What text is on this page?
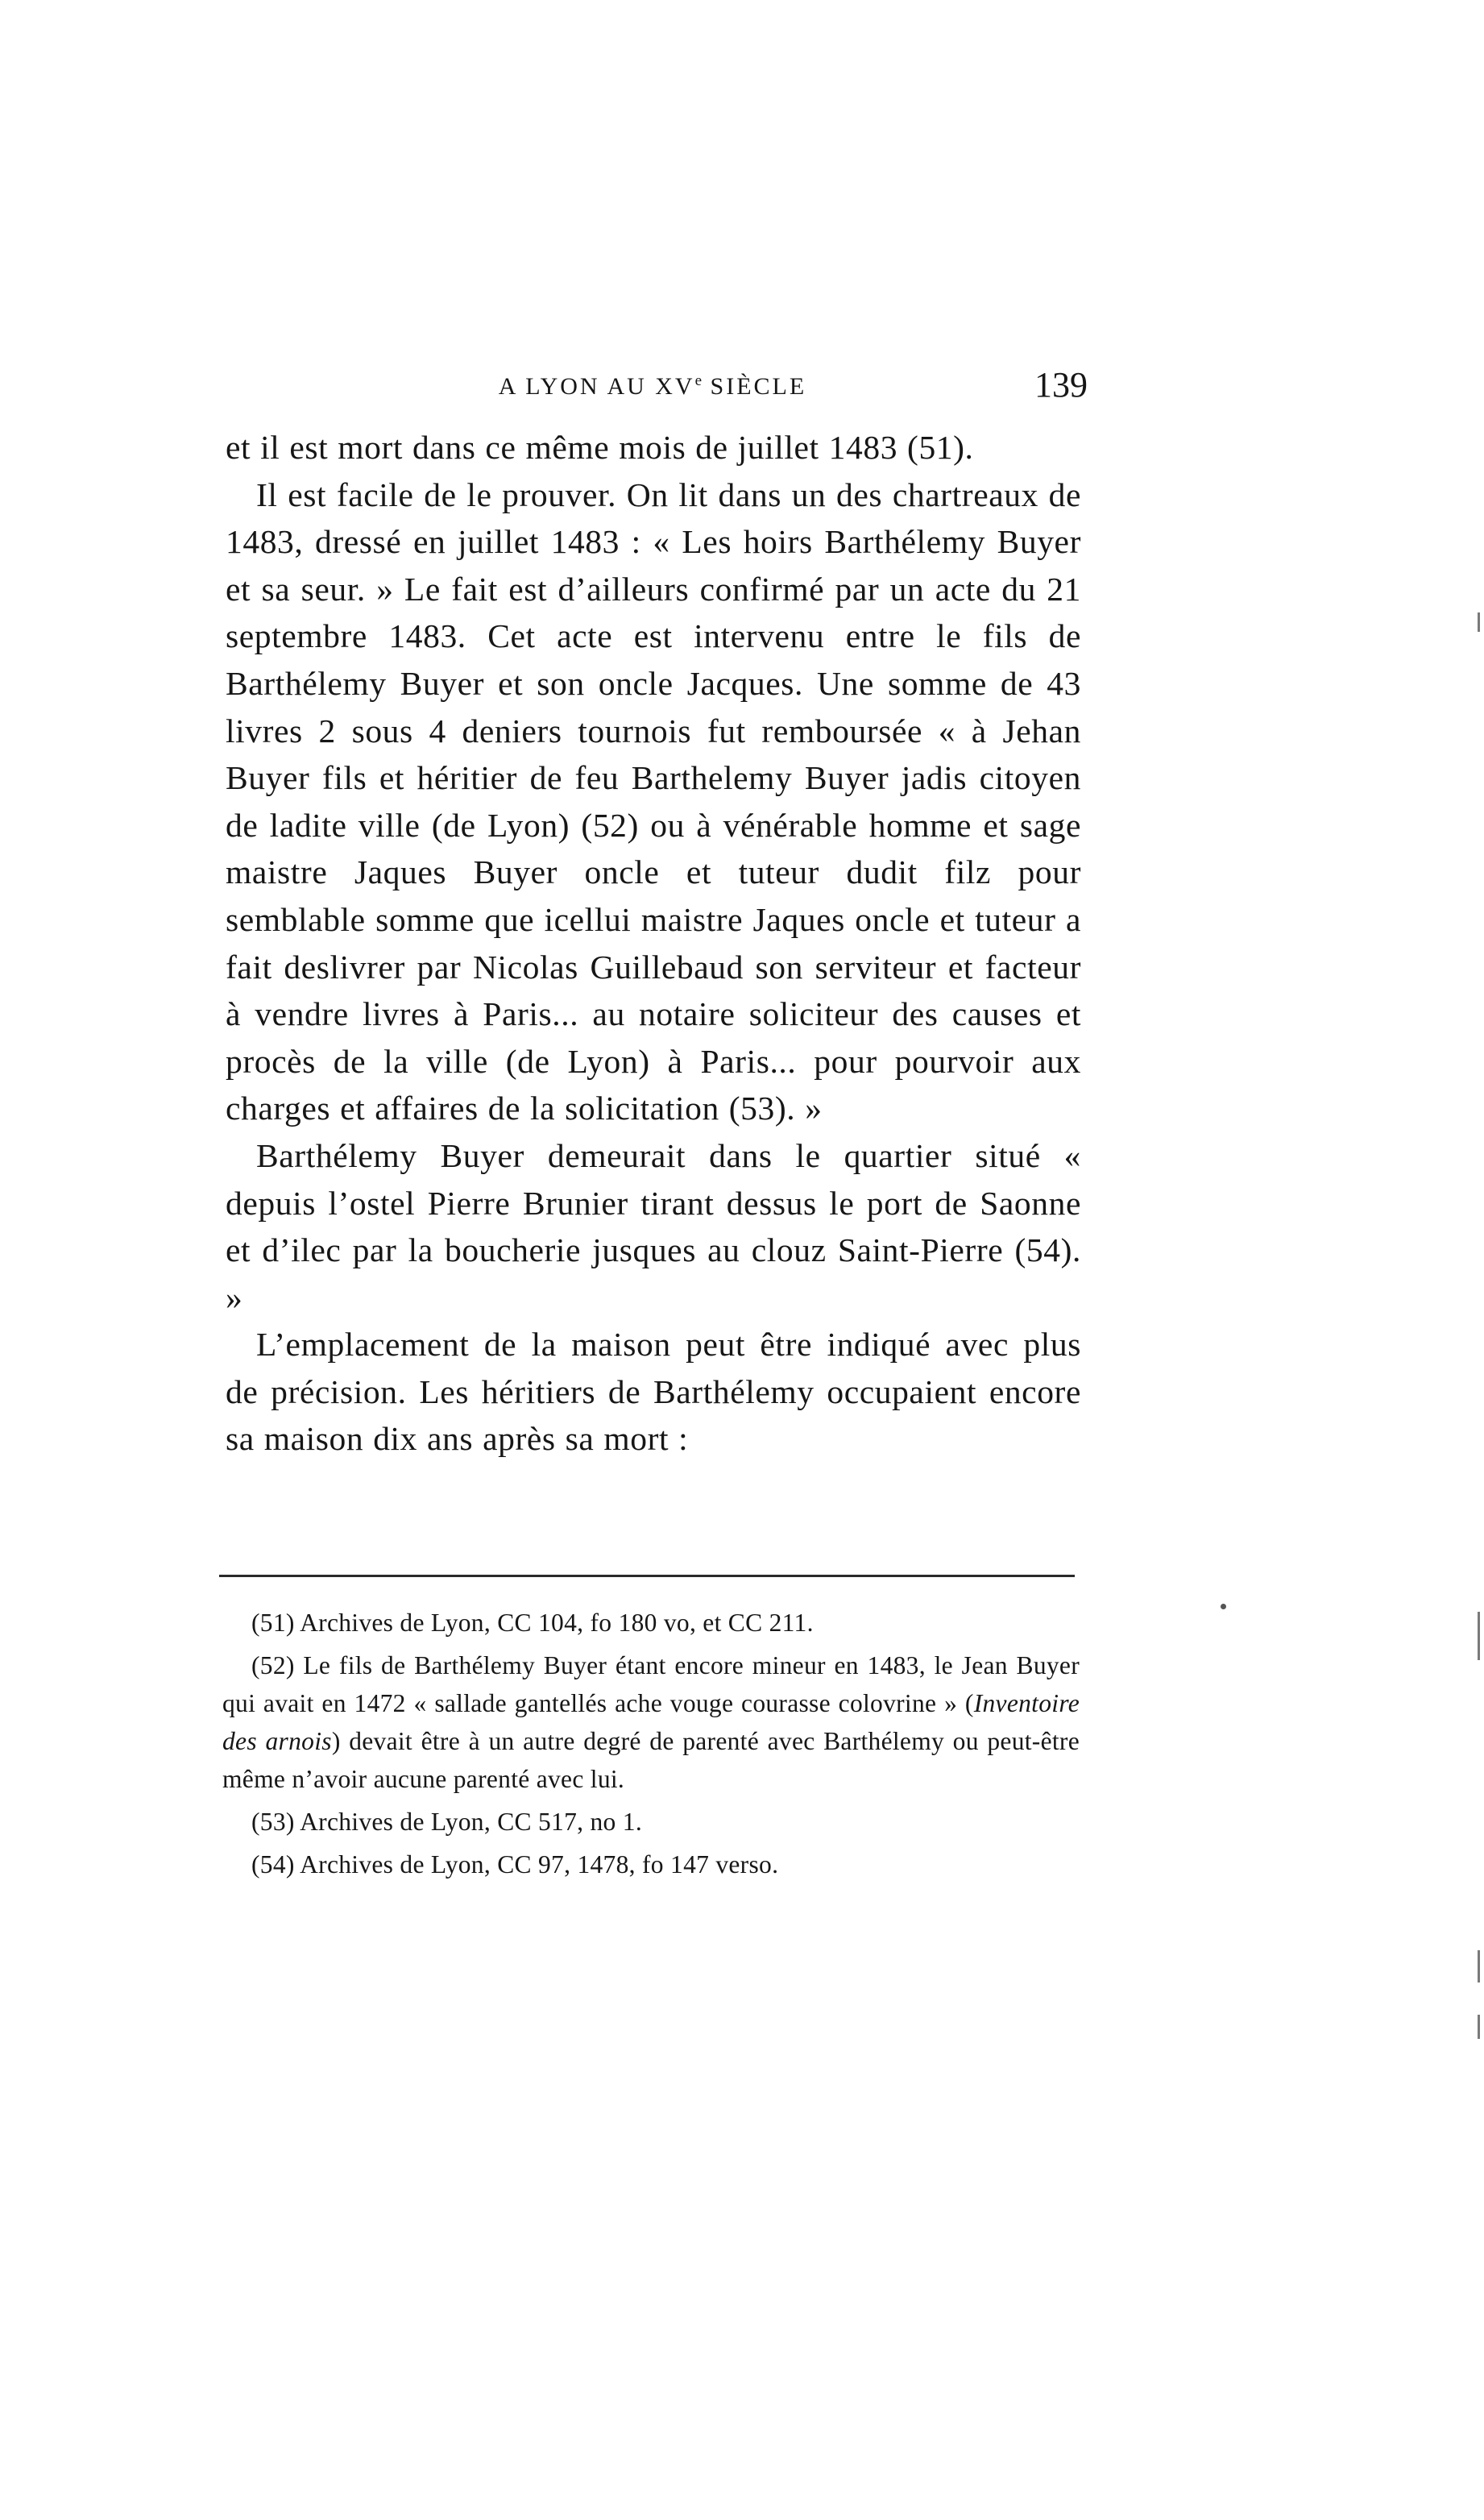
A LYON AU XVe SIÈCLE	139

et il est mort dans ce même mois de juillet 1483 (51).

Il est facile de le prouver. On lit dans un des chartreaux de 1483, dressé en juillet 1483 : « Les hoirs Barthélemy Buyer et sa seur. » Le fait est d’ailleurs confirmé par un acte du 21 septembre 1483. Cet acte est intervenu entre le fils de Barthélemy Buyer et son oncle Jacques. Une somme de 43 livres 2 sous 4 deniers tournois fut remboursée « à Jehan Buyer fils et héritier de feu Barthelemy Buyer jadis citoyen de ladite ville (de Lyon) (52) ou à vénérable homme et sage maistre Jaques Buyer oncle et tuteur dudit filz pour semblable somme que icellui maistre Jaques oncle et tuteur a fait deslivrer par Nicolas Guillebaud son serviteur et facteur à vendre livres à Paris... au notaire soliciteur des causes et procès de la ville (de Lyon) à Paris... pour pourvoir aux charges et affaires de la solicitation (53). »

Barthélemy Buyer demeurait dans le quartier situé « depuis l’ostel Pierre Brunier tirant dessus le port de Saonne et d’ilec par la boucherie jusques au clouz Saint-Pierre (54). »

L’emplacement de la maison peut être indiqué avec plus de précision. Les héritiers de Barthélemy occupaient encore sa maison dix ans après sa mort :

(51) Archives de Lyon, CC 104, fo 180 vo, et CC 211.

(52) Le fils de Barthélemy Buyer étant encore mineur en 1483, le Jean Buyer qui avait en 1472 « sallade gantellés ache vouge courasse colovrine » (Inventoire des arnois) devait être à un autre degré de parenté avec Barthélemy ou peut-être même n’avoir aucune parenté avec lui.

(53) Archives de Lyon, CC 517, no 1.

(54) Archives de Lyon, CC 97, 1478, fo 147 verso.
